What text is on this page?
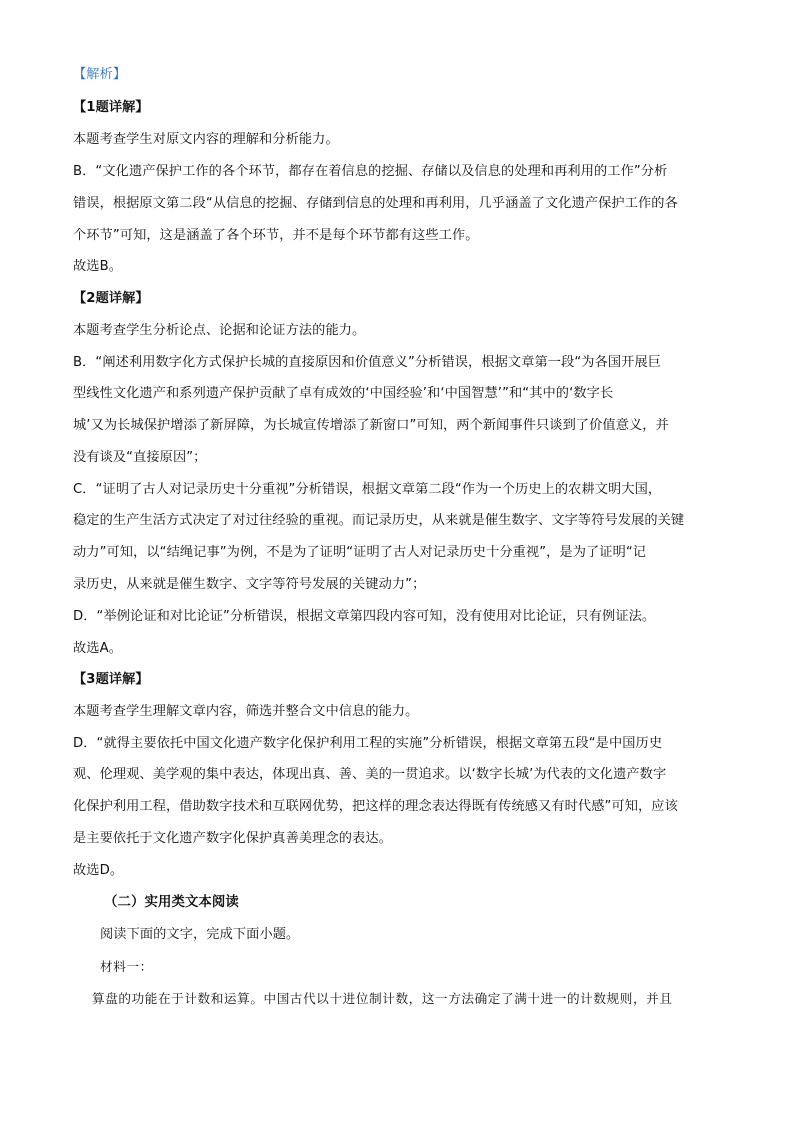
【解析】
【1题详解】
本题考查学生对原文内容的理解和分析能力。
B．“文化遗产保护工作的各个环节，都存在着信息的挖掘、存储以及信息的处理和再利用的工作”分析
错误，根据原文第二段“从信息的挖掘、存储到信息的处理和再利用，几乎涵盖了文化遗产保护工作的各
个环节”可知，这是涵盖了各个环节，并不是每个环节都有这些工作。
故选B。
【2题详解】
本题考查学生分析论点、论据和论证方法的能力。
B．“阐述利用数字化方式保护长城的直接原因和价值意义”分析错误，根据文章第一段“为各国开展巨
型线性文化遗产和系列遗产保护贡献了卓有成效的‘中国经验’和‘中国智慧’”和“其中的‘数字长
城’又为长城保护增添了新屏障，为长城宣传增添了新窗口”可知，两个新闻事件只谈到了价值意义，并
没有谈及“直接原因”；
C．“证明了古人对记录历史十分重视”分析错误，根据文章第二段“作为一个历史上的农耕文明大国，
稳定的生产生活方式决定了对过往经验的重视。而记录历史，从来就是催生数字、文字等符号发展的关键
动力”可知，以“结绳记事”为例，不是为了证明“证明了古人对记录历史十分重视”，是为了证明“记
录历史，从来就是催生数字、文字等符号发展的关键动力”；
D．“举例论证和对比论证”分析错误，根据文章第四段内容可知，没有使用对比论证，只有例证法。
故选A。
【3题详解】
本题考查学生理解文章内容，筛选并整合文中信息的能力。
D．“就得主要依托中国文化遗产数字化保护利用工程的实施”分析错误，根据文章第五段“是中国历史
观、伦理观、美学观的集中表达，体现出真、善、美的一贯追求。以‘数字长城’为代表的文化遗产数字
化保护利用工程，借助数字技术和互联网优势，把这样的理念表达得既有传统感又有时代感”可知，应该
是主要依托于文化遗产数字化保护真善美理念的表达。
故选D。
（二）实用类文本阅读
阅读下面的文字，完成下面小题。
材料一：
算盘的功能在于计数和运算。中国古代以十进位制计数，这一方法确定了满十进一的计数规则，并且
